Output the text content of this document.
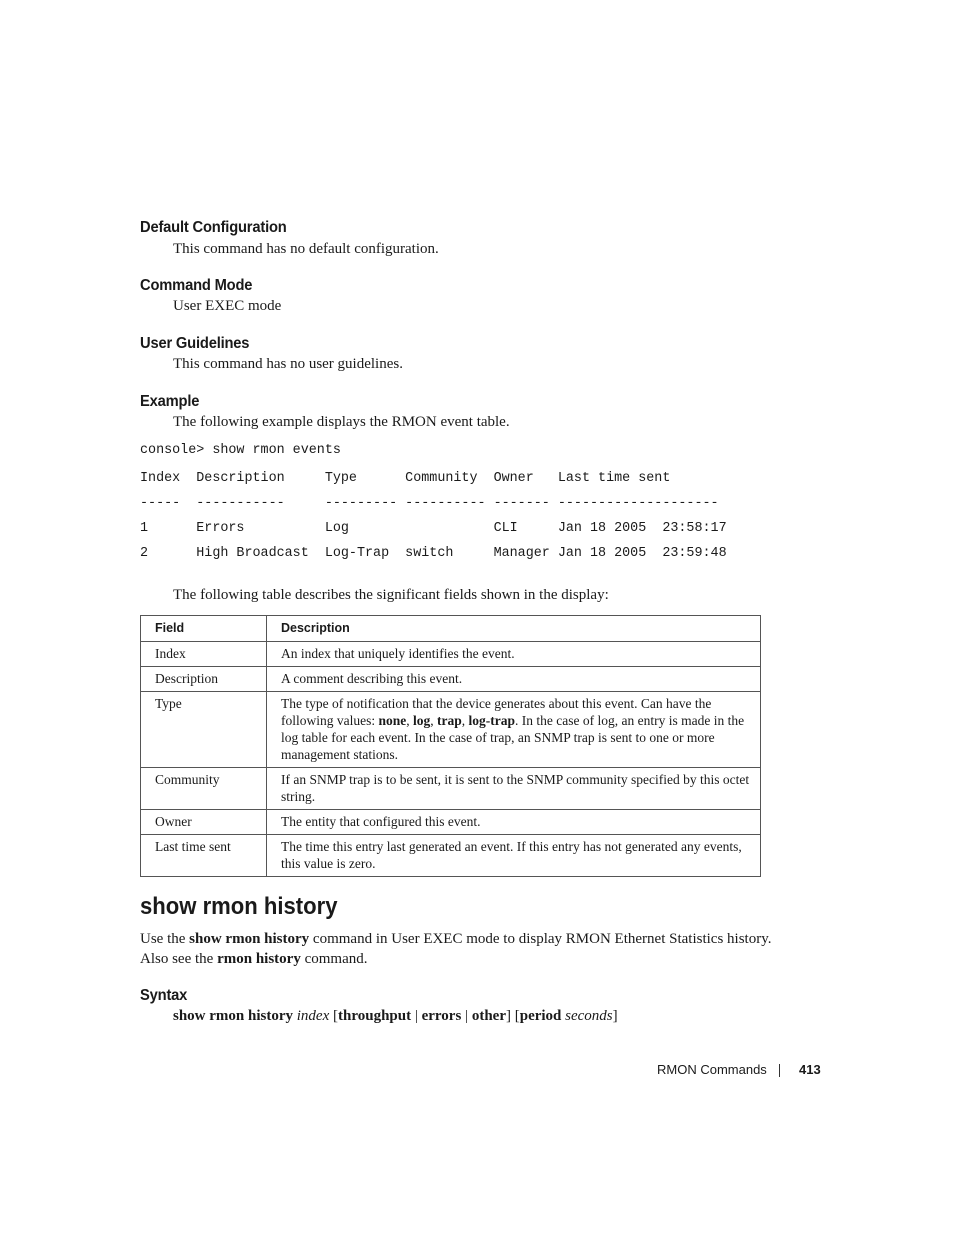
Default Configuration
This command has no default configuration.
Command Mode
User EXEC mode
User Guidelines
This command has no user guidelines.
Example
The following example displays the RMON event table.
console> show rmon events
Index  Description     Type      Community  Owner   Last time sent
-----  -----------     --------- ---------- ------- --------------------
1      Errors          Log                  CLI     Jan 18 2005  23:58:17
2      High Broadcast  Log-Trap  switch     Manager Jan 18 2005  23:59:48
The following table describes the significant fields shown in the display:
Field	Description
Index	An index that uniquely identifies the event.
Description	A comment describing this event.
Type	The type of notification that the device generates about this event. Can have the following values: none, log, trap, log-trap. In the case of log, an entry is made in the log table for each event. In the case of trap, an SNMP trap is sent to one or more management stations.
Community	If an SNMP trap is to be sent, it is sent to the SNMP community specified by this octet string.
Owner	The entity that configured this event.
Last time sent	The time this entry last generated an event. If this entry has not generated any events, this value is zero.
show rmon history
Use the show rmon history command in User EXEC mode to display RMON Ethernet Statistics history. Also see the rmon history command.
Syntax
show rmon history index [throughput | errors | other] [period seconds]
RMON Commands 413
